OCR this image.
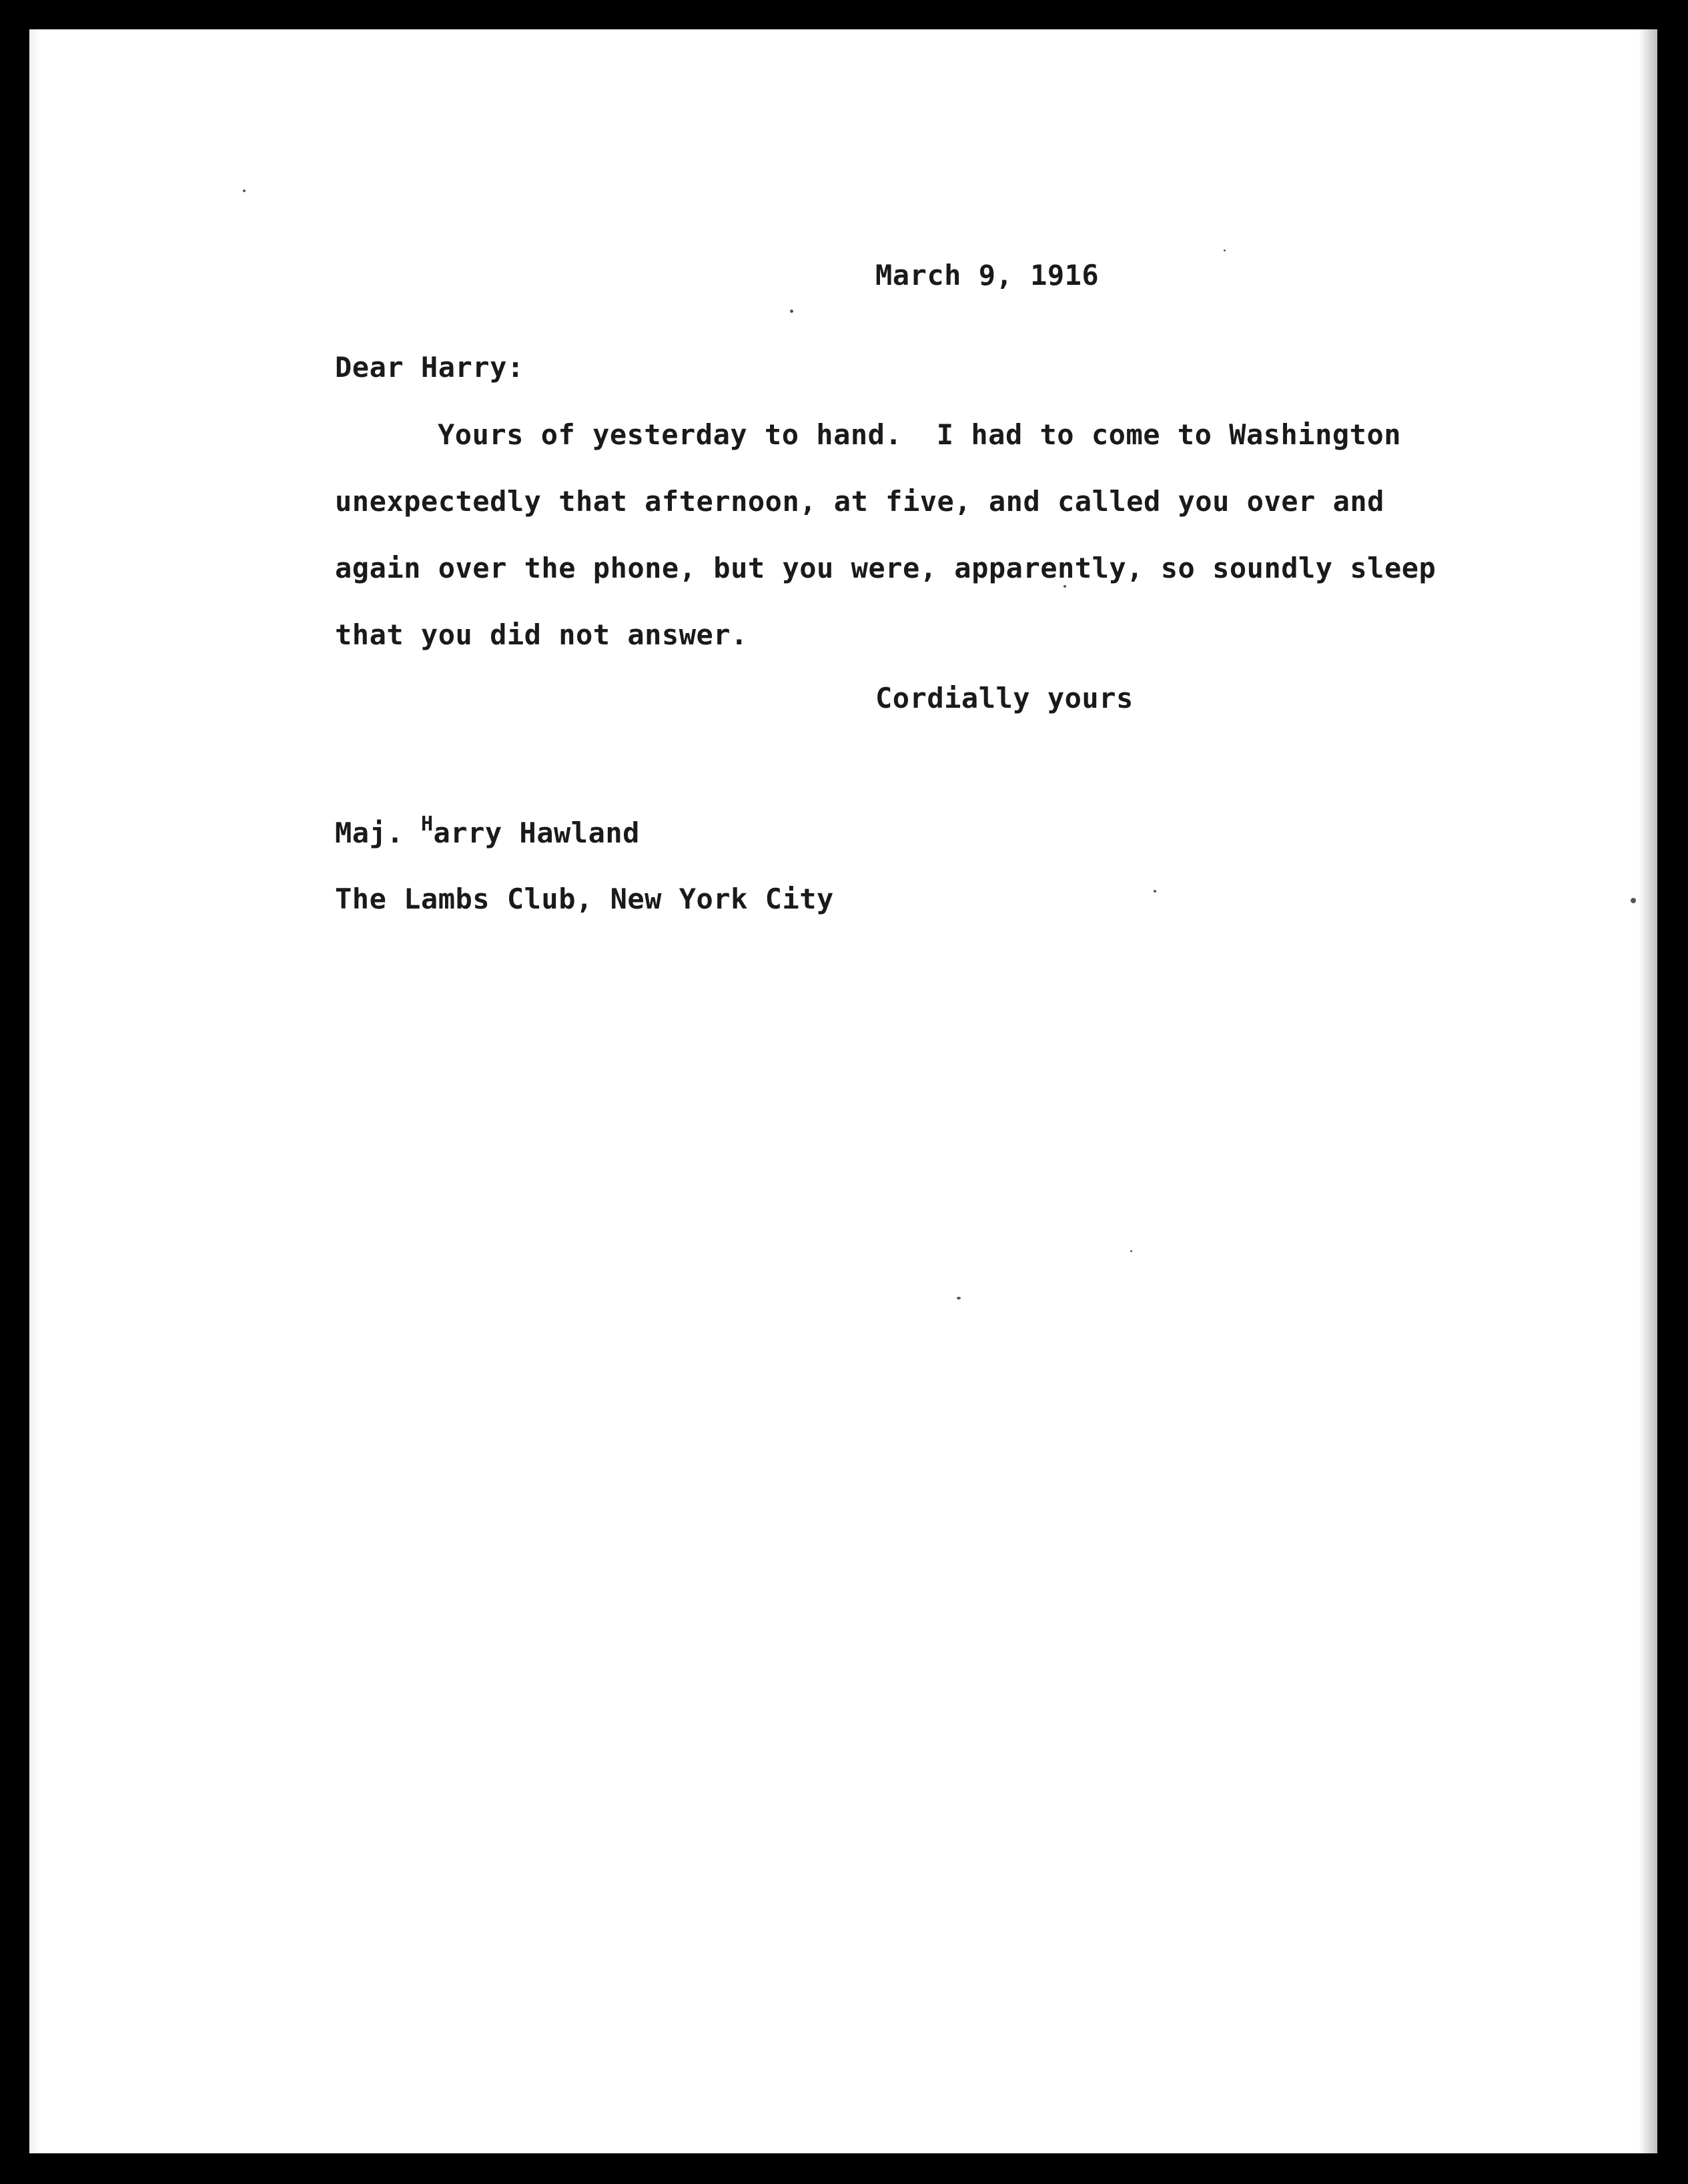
March 9, 1916
Dear Harry:
Yours of yesterday to hand.  I had to come to Washington
unexpectedly that afternoon, at five, and called you over and
again over the phone, but you were, apparently, so soundly sleep
that you did not answer.
Cordially yours
Maj. $^H$arry Hawland
The Lambs Club, New York City
